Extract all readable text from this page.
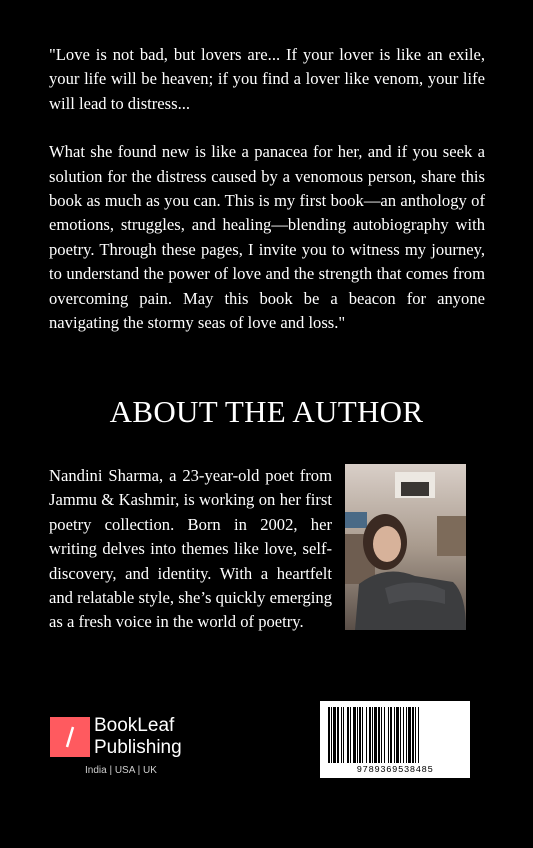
"Love is not bad, but lovers are... If your lover is like an exile, your life will be heaven; if you find a lover like venom, your life will lead to distress...

What she found new is like a panacea for her, and if you seek a solution for the distress caused by a venomous person, share this book as much as you can. This is my first book—an anthology of emotions, struggles, and healing—blending autobiography with poetry. Through these pages, I invite you to witness my journey, to understand the power of love and the strength that comes from overcoming pain. May this book be a beacon for anyone navigating the stormy seas of love and loss."

ABOUT THE AUTHOR
Nandini Sharma, a 23-year-old poet from Jammu & Kashmir, is working on her first poetry collection. Born in 2002, her writing delves into themes like love, self-discovery, and identity. With a heartfelt and relatable style, she’s quickly emerging as a fresh voice in the world of poetry.
BookLeaf
Publishing
India | USA | UK	9789369538485
